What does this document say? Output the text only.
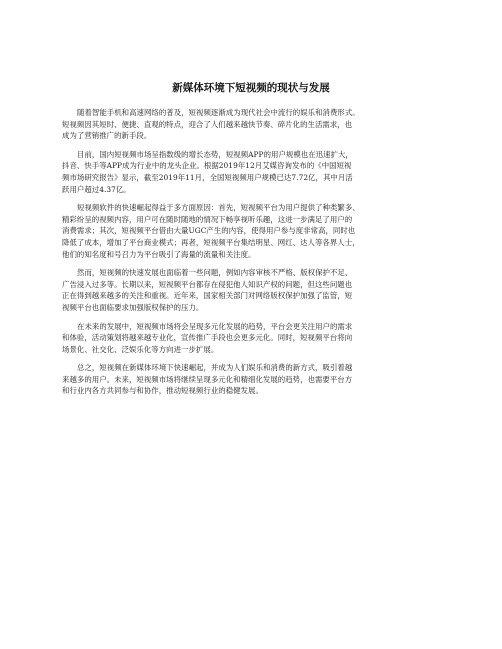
新媒体环境下短视频的现状与发展

随着智能手机和高速网络的普及，短视频逐渐成为现代社会中流行的娱乐和消费形式。
短视频因其短时、便捷、直观的特点，迎合了人们越来越快节奏、碎片化的生活需求，也
成为了营销推广的新手段。

目前，国内短视频市场呈指数级的增长态势，短视频APP的用户规模也在迅速扩大，
抖音、快手等APP成为行业中的龙头企业。根据2019年12月艾媒咨询发布的《中国短视
频市场研究报告》显示，截至2019年11月，全国短视频用户规模已达7.72亿，其中月活
跃用户超过4.37亿。

短视频软件的快速崛起得益于多方面原因：首先，短视频平台为用户提供了种类繁多、
精彩纷呈的视频内容，用户可在随时随地的情况下畅享视听乐趣，这进一步满足了用户的
消费需求；其次，短视频平台借由大量UGC产生的内容，使得用户参与度非常高，同时也
降低了成本，增加了平台商业模式；再者，短视频平台集结明星、网红、达人等各界人士，
他们的知名度和号召力为平台吸引了海量的流量和关注度。

然而，短视频的快速发展也面临着一些问题，例如内容审核不严格、版权保护不足、
广告浸入过多等。长期以来，短视频平台都存在侵犯他人知识产权的问题，但这些问题也
正在得到越来越多的关注和重视。近年来，国家相关部门对网络版权保护加强了监管，短
视频平台也面临要求加强版权保护的压力。

在未来的发展中，短视频市场将会呈现多元化发展的趋势，平台会更关注用户的需求
和体验，活动策划将越来越专业化，宣传推广手段也会更多元化。同时，短视频平台将向
场景化、社交化、泛娱乐化等方向进一步扩展。

总之，短视频在新媒体环境下快速崛起，并成为人们娱乐和消费的新方式，吸引着越
来越多的用户。未来，短视频市场将继续呈现多元化和精细化发展的趋势，也需要平台方
和行业内各方共同参与和协作，推动短视频行业的稳健发展。
